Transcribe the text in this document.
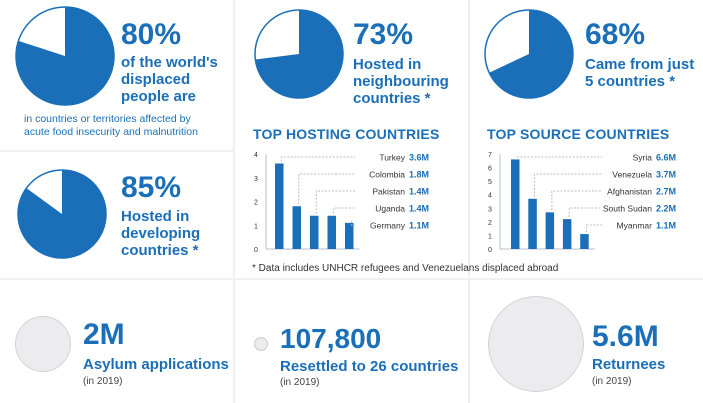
80%
of the world's
displaced
people are
in countries or territories affected by
acute food insecurity and malnutrition
85%
Hosted in
developing
countries *
73%
Hosted in
neighbouring
countries *
TOP HOSTING COUNTRIES
0
1
2
3
4	Turkey 3.6M
Colombia 1.8M
Pakistan 1.4M
Uganda 1.4M
Germany 1.1M
68%
Came from just
5 countries *
TOP SOURCE COUNTRIES
0
1
2
3
4
5
6
7	Syria 6.6M
Venezuela 3.7M
Afghanistan 2.7M
South Sudan 2.2M
Myanmar 1.1M
* Data includes UNHCR refugees and Venezuelans displaced abroad
2M
Asylum applications
(in 2019)
107,800
Resettled to 26 countries
(in 2019)
5.6M
Returnees
(in 2019)
